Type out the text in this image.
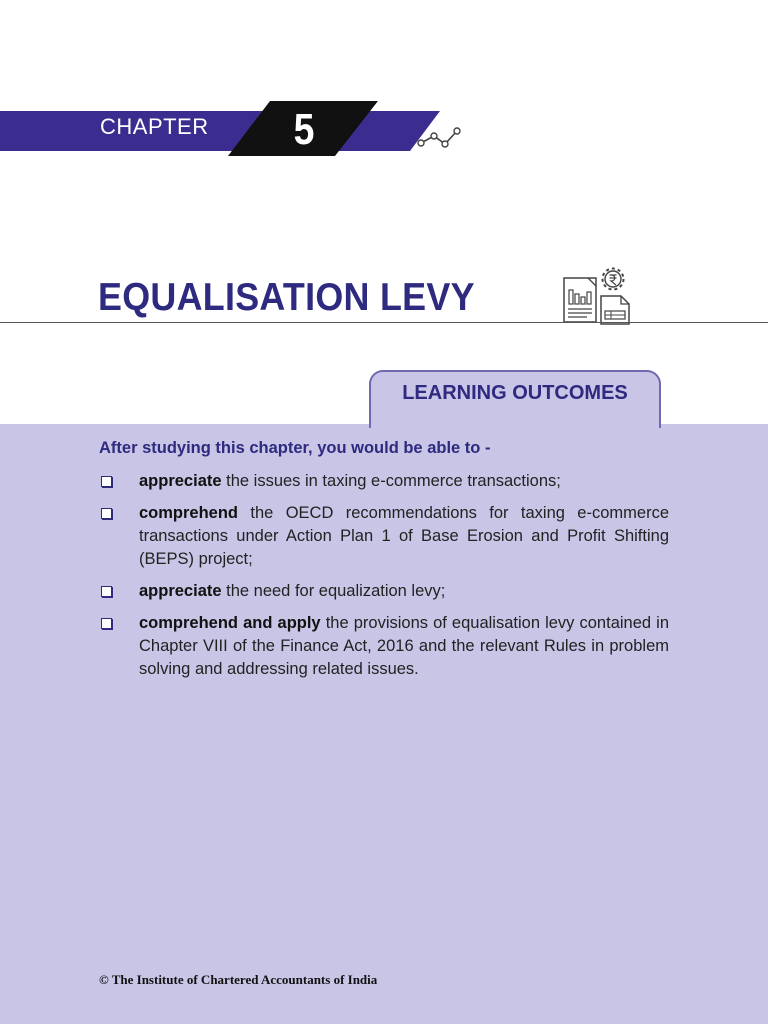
CHAPTER 5
EQUALISATION LEVY
LEARNING OUTCOMES

After studying this chapter, you would be able to -

appreciate the issues in taxing e-commerce transactions;
comprehend the OECD recommendations for taxing e-commerce transactions under Action Plan 1 of Base Erosion and Profit Shifting (BEPS) project;
appreciate the need for equalization levy;
comprehend and apply the provisions of equalisation levy contained in Chapter VIII of the Finance Act, 2016 and the relevant Rules in problem solving and addressing related issues.
© The Institute of Chartered Accountants of India
